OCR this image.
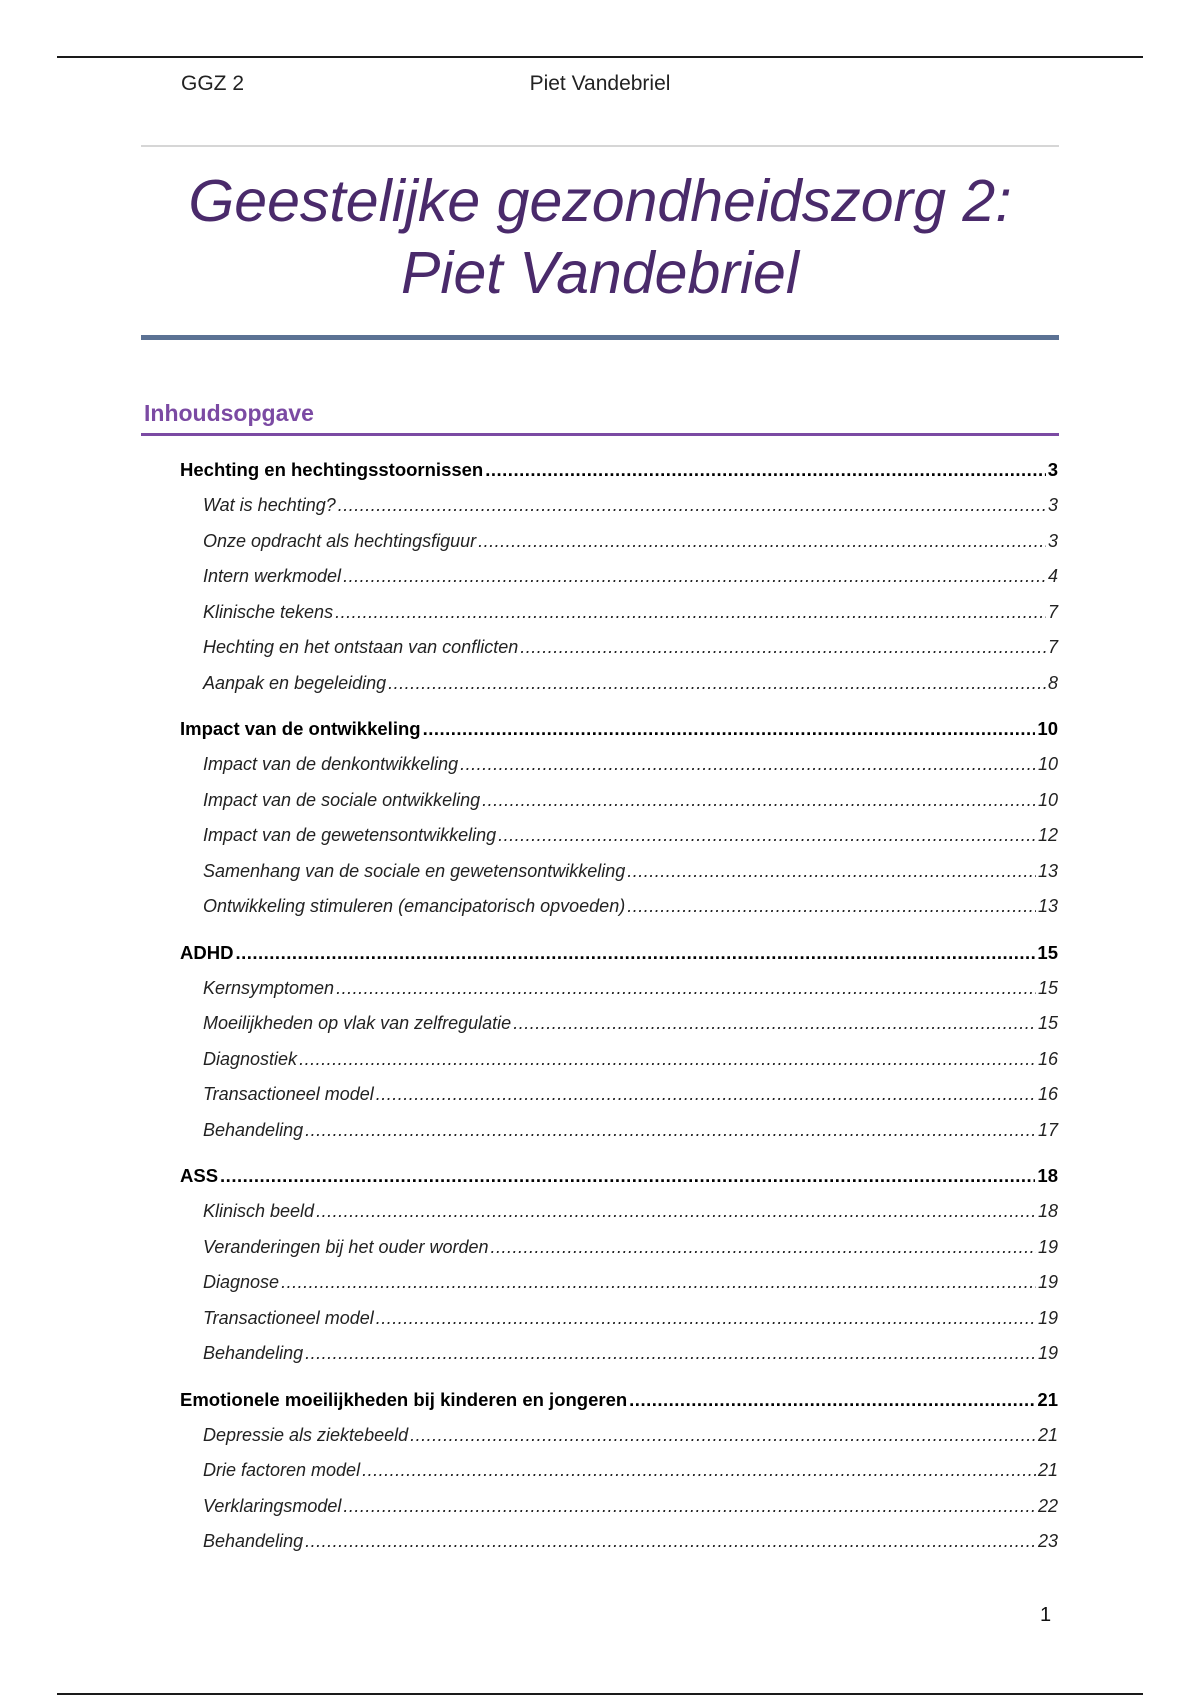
GGZ 2	Piet Vandebriel
Geestelijke gezondheidszorg 2:
Piet Vandebriel
Inhoudsopgave
Hechting en hechtingsstoornissen .....	3
Wat is hechting? .....	3
Onze opdracht als hechtingsfiguur .....	3
Intern werkmodel .....	4
Klinische tekens .....	7
Hechting en het ontstaan van conflicten .....	7
Aanpak en begeleiding .....	8
Impact van de ontwikkeling .....	10
Impact van de denkontwikkeling .....	10
Impact van de sociale ontwikkeling .....	10
Impact van de gewetensontwikkeling .....	12
Samenhang van de sociale en gewetensontwikkeling .....	13
Ontwikkeling stimuleren (emancipatorisch opvoeden) .....	13
ADHD .....	15
Kernsymptomen .....	15
Moeilijkheden op vlak van zelfregulatie .....	15
Diagnostiek .....	16
Transactioneel model .....	16
Behandeling .....	17
ASS .....	18
Klinisch beeld .....	18
Veranderingen bij het ouder worden .....	19
Diagnose .....	19
Transactioneel model .....	19
Behandeling .....	19
Emotionele moeilijkheden bij kinderen en jongeren .....	21
Depressie als ziektebeeld .....	21
Drie factoren model .....	21
Verklaringsmodel .....	22
Behandeling .....	23
1
